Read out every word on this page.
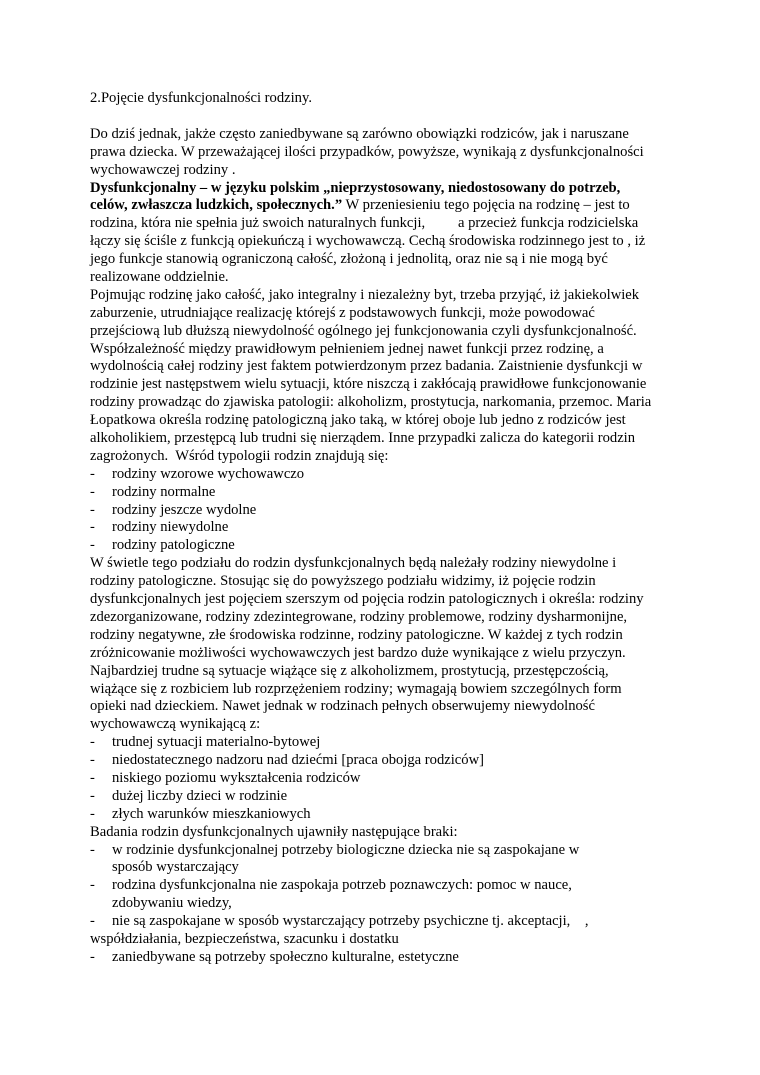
2.Pojęcie dysfunkcjonalności rodziny.
Do dziś jednak, jakże często zaniedbywane są zarówno obowiązki rodziców, jak i naruszane
prawa dziecka. W przeważającej ilości przypadków, powyższe, wynikają z dysfunkcjonalności
wychowawczej rodziny .
Dysfunkcjonalny – w języku polskim „nieprzystosowany, niedostosowany do potrzeb,
celów, zwłaszcza ludzkich, społecznych.” W przeniesieniu tego pojęcia na rodzinę – jest to
rodzina, która nie spełnia już swoich naturalnych funkcji,         a przecież funkcja rodzicielska
łączy się ściśle z funkcją opiekuńczą i wychowawczą. Cechą środowiska rodzinnego jest to , iż
jego funkcje stanowią ograniczoną całość, złożoną i jednolitą, oraz nie są i nie mogą być
realizowane oddzielnie.
Pojmując rodzinę jako całość, jako integralny i niezależny byt, trzeba przyjąć, iż jakiekolwiek
zaburzenie, utrudniające realizację którejś z podstawowych funkcji, może powodować
przejściową lub dłuższą niewydolność ogólnego jej funkcjonowania czyli dysfunkcjonalność.
Współzależność między prawidłowym pełnieniem jednej nawet funkcji przez rodzinę, a
wydolnością całej rodziny jest faktem potwierdzonym przez badania. Zaistnienie dysfunkcji w
rodzinie jest następstwem wielu sytuacji, które niszczą i zakłócają prawidłowe funkcjonowanie
rodziny prowadząc do zjawiska patologii: alkoholizm, prostytucja, narkomania, przemoc. Maria
Łopatkowa określa rodzinę patologiczną jako taką, w której oboje lub jedno z rodziców jest
alkoholikiem, przestępcą lub trudni się nierządem. Inne przypadki zalicza do kategorii rodzin
zagrożonych.  Wśród typologii rodzin znajdują się:
- rodziny wzorowe wychowawczo
- rodziny normalne
- rodziny jeszcze wydolne
- rodziny niewydolne
- rodziny patologiczne
W świetle tego podziału do rodzin dysfunkcjonalnych będą należały rodziny niewydolne i
rodziny patologiczne. Stosując się do powyższego podziału widzimy, iż pojęcie rodzin
dysfunkcjonalnych jest pojęciem szerszym od pojęcia rodzin patologicznych i określa: rodziny
zdezorganizowane, rodziny zdezintegrowane, rodziny problemowe, rodziny dysharmonijne,
rodziny negatywne, złe środowiska rodzinne, rodziny patologiczne. W każdej z tych rodzin
zróżnicowanie możliwości wychowawczych jest bardzo duże wynikające z wielu przyczyn.
Najbardziej trudne są sytuacje wiążące się z alkoholizmem, prostytucją, przestępczością,
wiążące się z rozbiciem lub rozprzężeniem rodziny; wymagają bowiem szczególnych form
opieki nad dzieckiem. Nawet jednak w rodzinach pełnych obserwujemy niewydolność
wychowawczą wynikającą z:
- trudnej sytuacji materialno-bytowej
- niedostatecznego nadzoru nad dziećmi [praca obojga rodziców]
- niskiego poziomu wykształcenia rodziców
- dużej liczby dzieci w rodzinie
- złych warunków mieszkaniowych
Badania rodzin dysfunkcjonalnych ujawniły następujące braki:
- w rodzinie dysfunkcjonalnej potrzeby biologiczne dziecka nie są zaspokajane w
sposób wystarczający
- rodzina dysfunkcjonalna nie zaspokaja potrzeb poznawczych: pomoc w nauce,
zdobywaniu wiedzy,
- nie są zaspokajane w sposób wystarczający potrzeby psychiczne tj. akceptacji,    ,
współdziałania, bezpieczeństwa, szacunku i dostatku
- zaniedbywane są potrzeby społeczno kulturalne, estetyczne
